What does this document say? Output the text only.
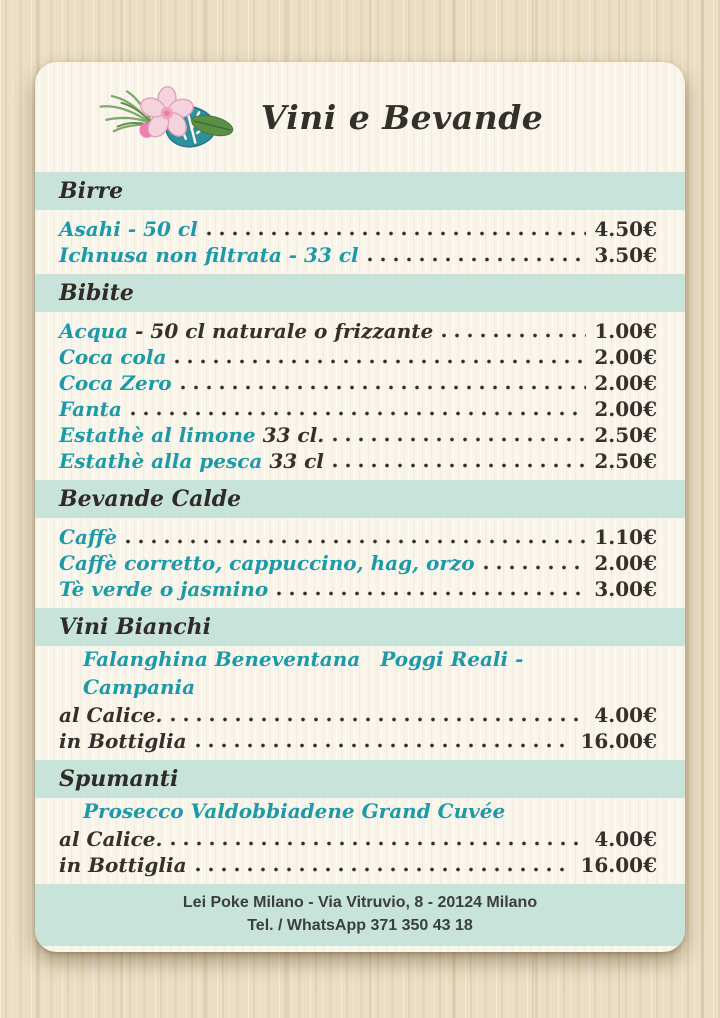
Vini e Bevande
Birre
Asahi - 50 cl	4.50€
Ichnusa non filtrata - 33 cl	3.50€
Bibite
Acqua - 50 cl naturale o frizzante	1.00€
Coca cola	2.00€
Coca Zero	2.00€
Fanta	2.00€
Estathè al limone 33 cl.	2.50€
Estathè alla pesca 33 cl	2.50€
Bevande Calde
Caffè	1.10€
Caffè corretto, cappuccino, hag, orzo	2.00€
Tè verde o jasmino	3.00€
Vini Bianchi
Falanghina Beneventana Poggi Reali - Campania
al Calice.	4.00€
in Bottiglia	16.00€
Spumanti
Prosecco Valdobbiadene Grand Cuvée
al Calice.	4.00€
in Bottiglia	16.00€
Lei Poke Milano - Via Vitruvio, 8 - 20124 Milano
Tel. / WhatsApp 371 350 43 18
